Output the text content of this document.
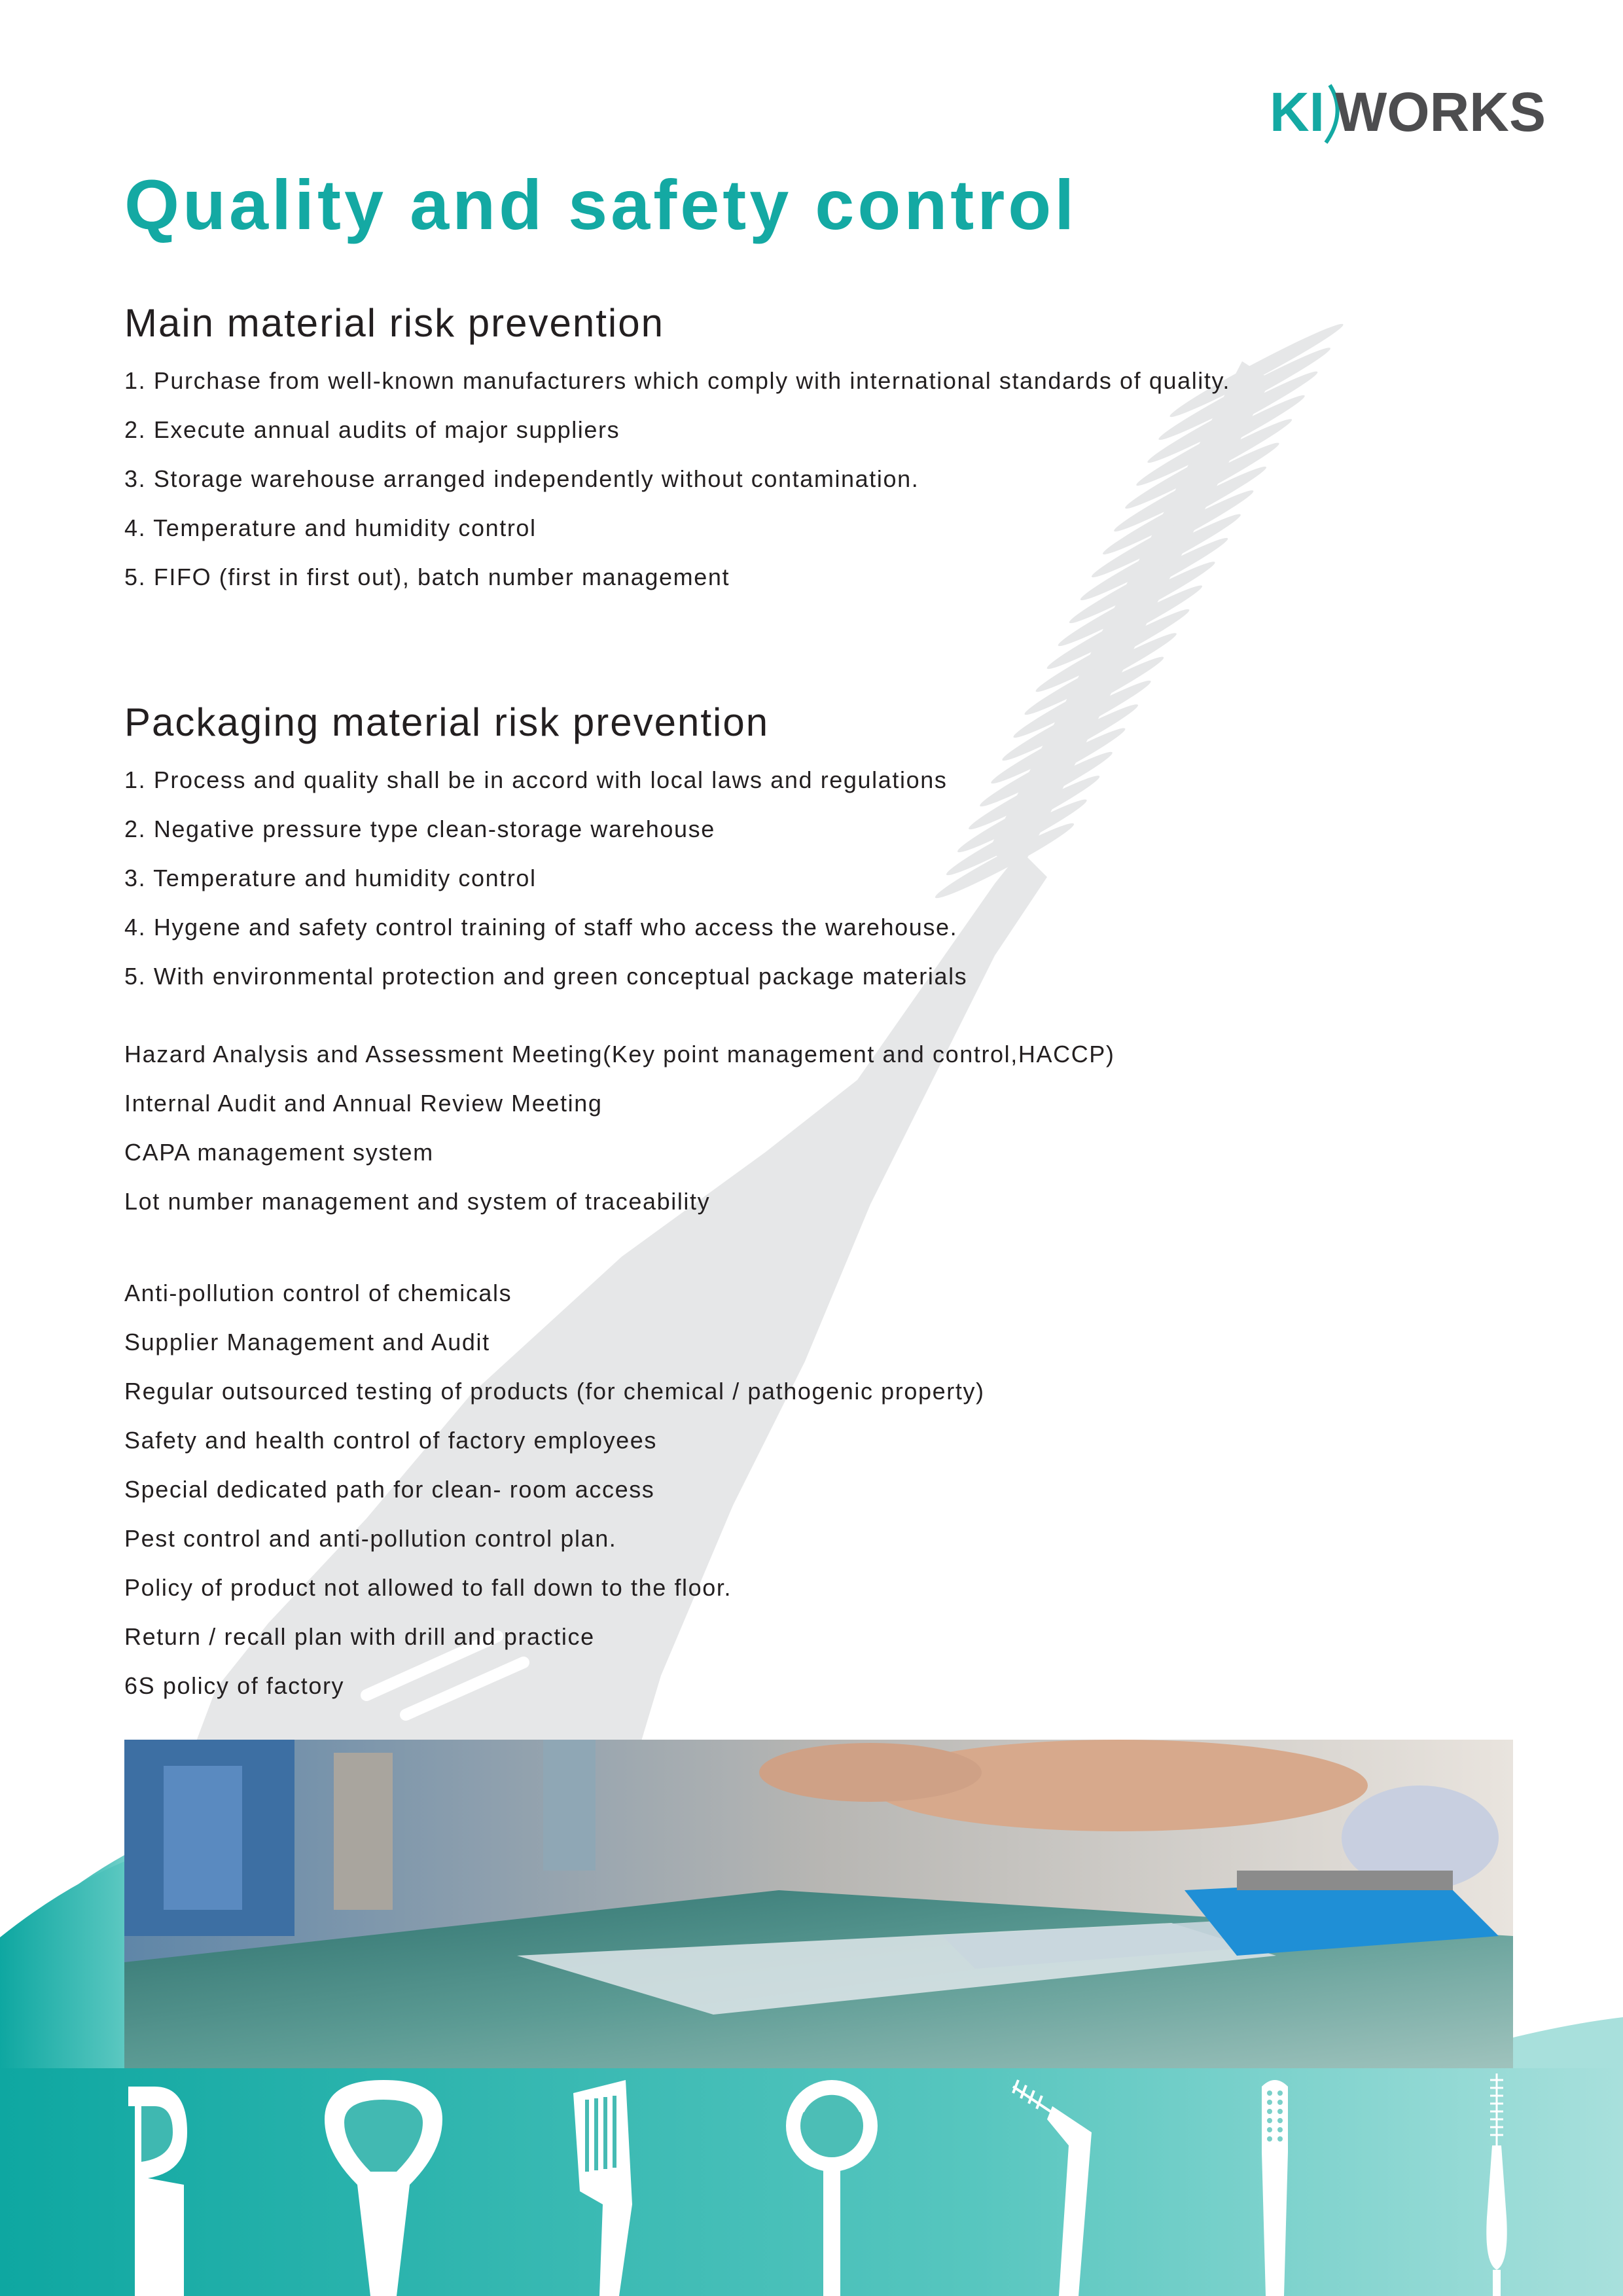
KI WORKS
Quality and safety control
Main material risk prevention
1. Purchase from well-known manufacturers which comply with international standards of quality.
2. Execute annual audits of major suppliers
3. Storage warehouse arranged independently without contamination.
4. Temperature and humidity control
5. FIFO (first in first out), batch number management
Packaging material risk prevention
1. Process and quality shall be in accord with local laws and regulations
2. Negative pressure type clean-storage warehouse
3. Temperature and humidity control
4. Hygene and safety control training of staff who access the warehouse.
5. With environmental protection and green conceptual package materials
Hazard Analysis and Assessment Meeting(Key point management and control,HACCP)
Internal Audit and Annual Review Meeting
CAPA management system
Lot number management and system of traceability
Anti-pollution control of chemicals
Supplier Management and Audit
Regular outsourced testing of products (for chemical / pathogenic property)
Safety and health control of factory employees
Special dedicated path for clean- room access
Pest control and anti-pollution control plan.
Policy of product not allowed to fall down to the floor.
Return / recall plan with drill and practice
6S policy of factory
